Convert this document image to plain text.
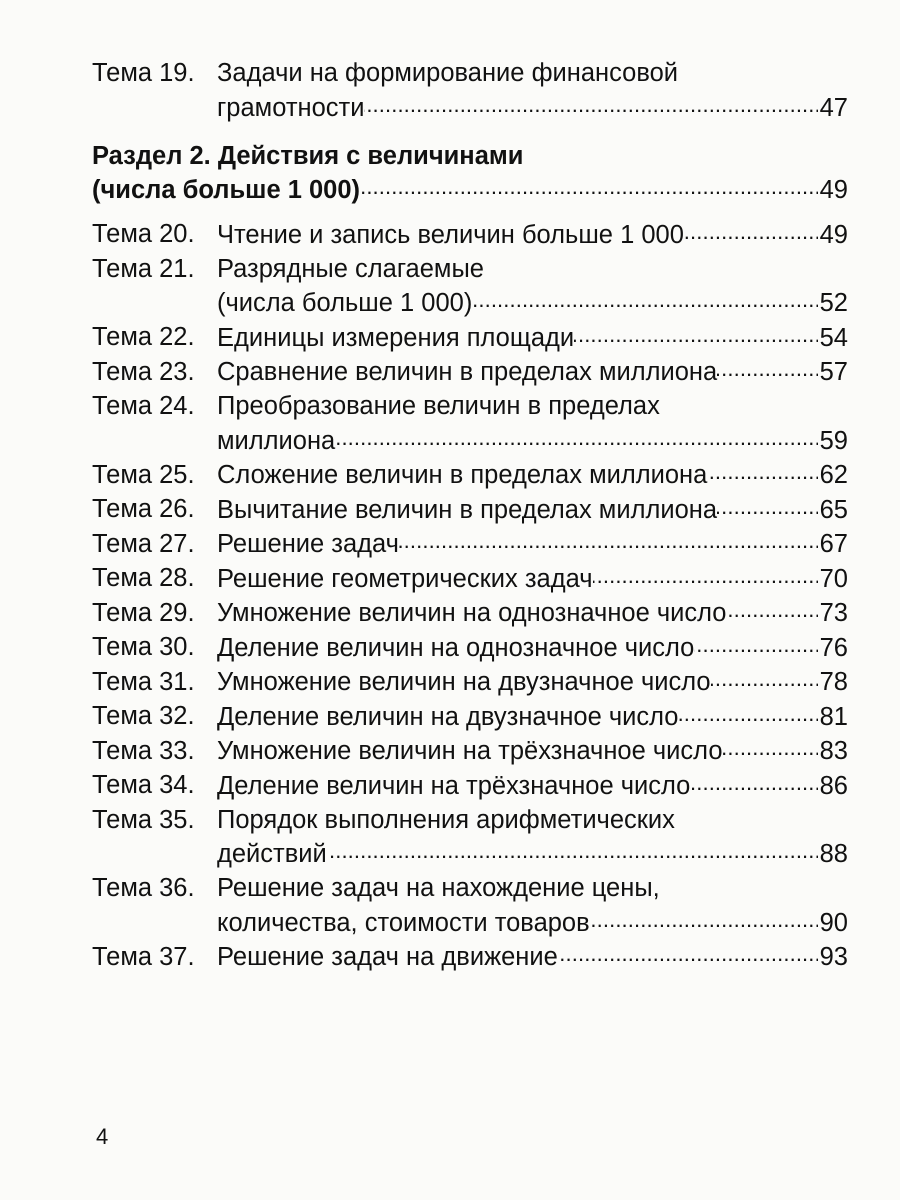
Тема 19. Задачи на формирование финансовой
грамотности . . .	47
Раздел 2. Действия с величинами
(числа больше 1 000) . . .	49
Тема 20. Чтение и запись величин больше 1 000 . . .	49
Тема 21. Разрядные слагаемые
(числа больше 1 000) . . .	52
Тема 22. Единицы измерения площади . . .	54
Тема 23. Сравнение величин в пределах миллиона . . .	57
Тема 24. Преобразование величин в пределах
миллиона . . .	59
Тема 25. Сложение величин в пределах миллиона . . .	62
Тема 26. Вычитание величин в пределах миллиона . . .	65
Тема 27. Решение задач . . .	67
Тема 28. Решение геометрических задач . . .	70
Тема 29. Умножение величин на однозначное число . . .	73
Тема 30. Деление величин на однозначное число . . .	76
Тема 31. Умножение величин на двузначное число . . .	78
Тема 32. Деление величин на двузначное число . . .	81
Тема 33. Умножение величин на трёхзначное число . . .	83
Тема 34. Деление величин на трёхзначное число . . .	86
Тема 35. Порядок выполнения арифметических
действий . . .	88
Тема 36. Решение задач на нахождение цены,
количества, стоимости товаров . . .	90
Тема 37. Решение задач на движение . . .	93
4
